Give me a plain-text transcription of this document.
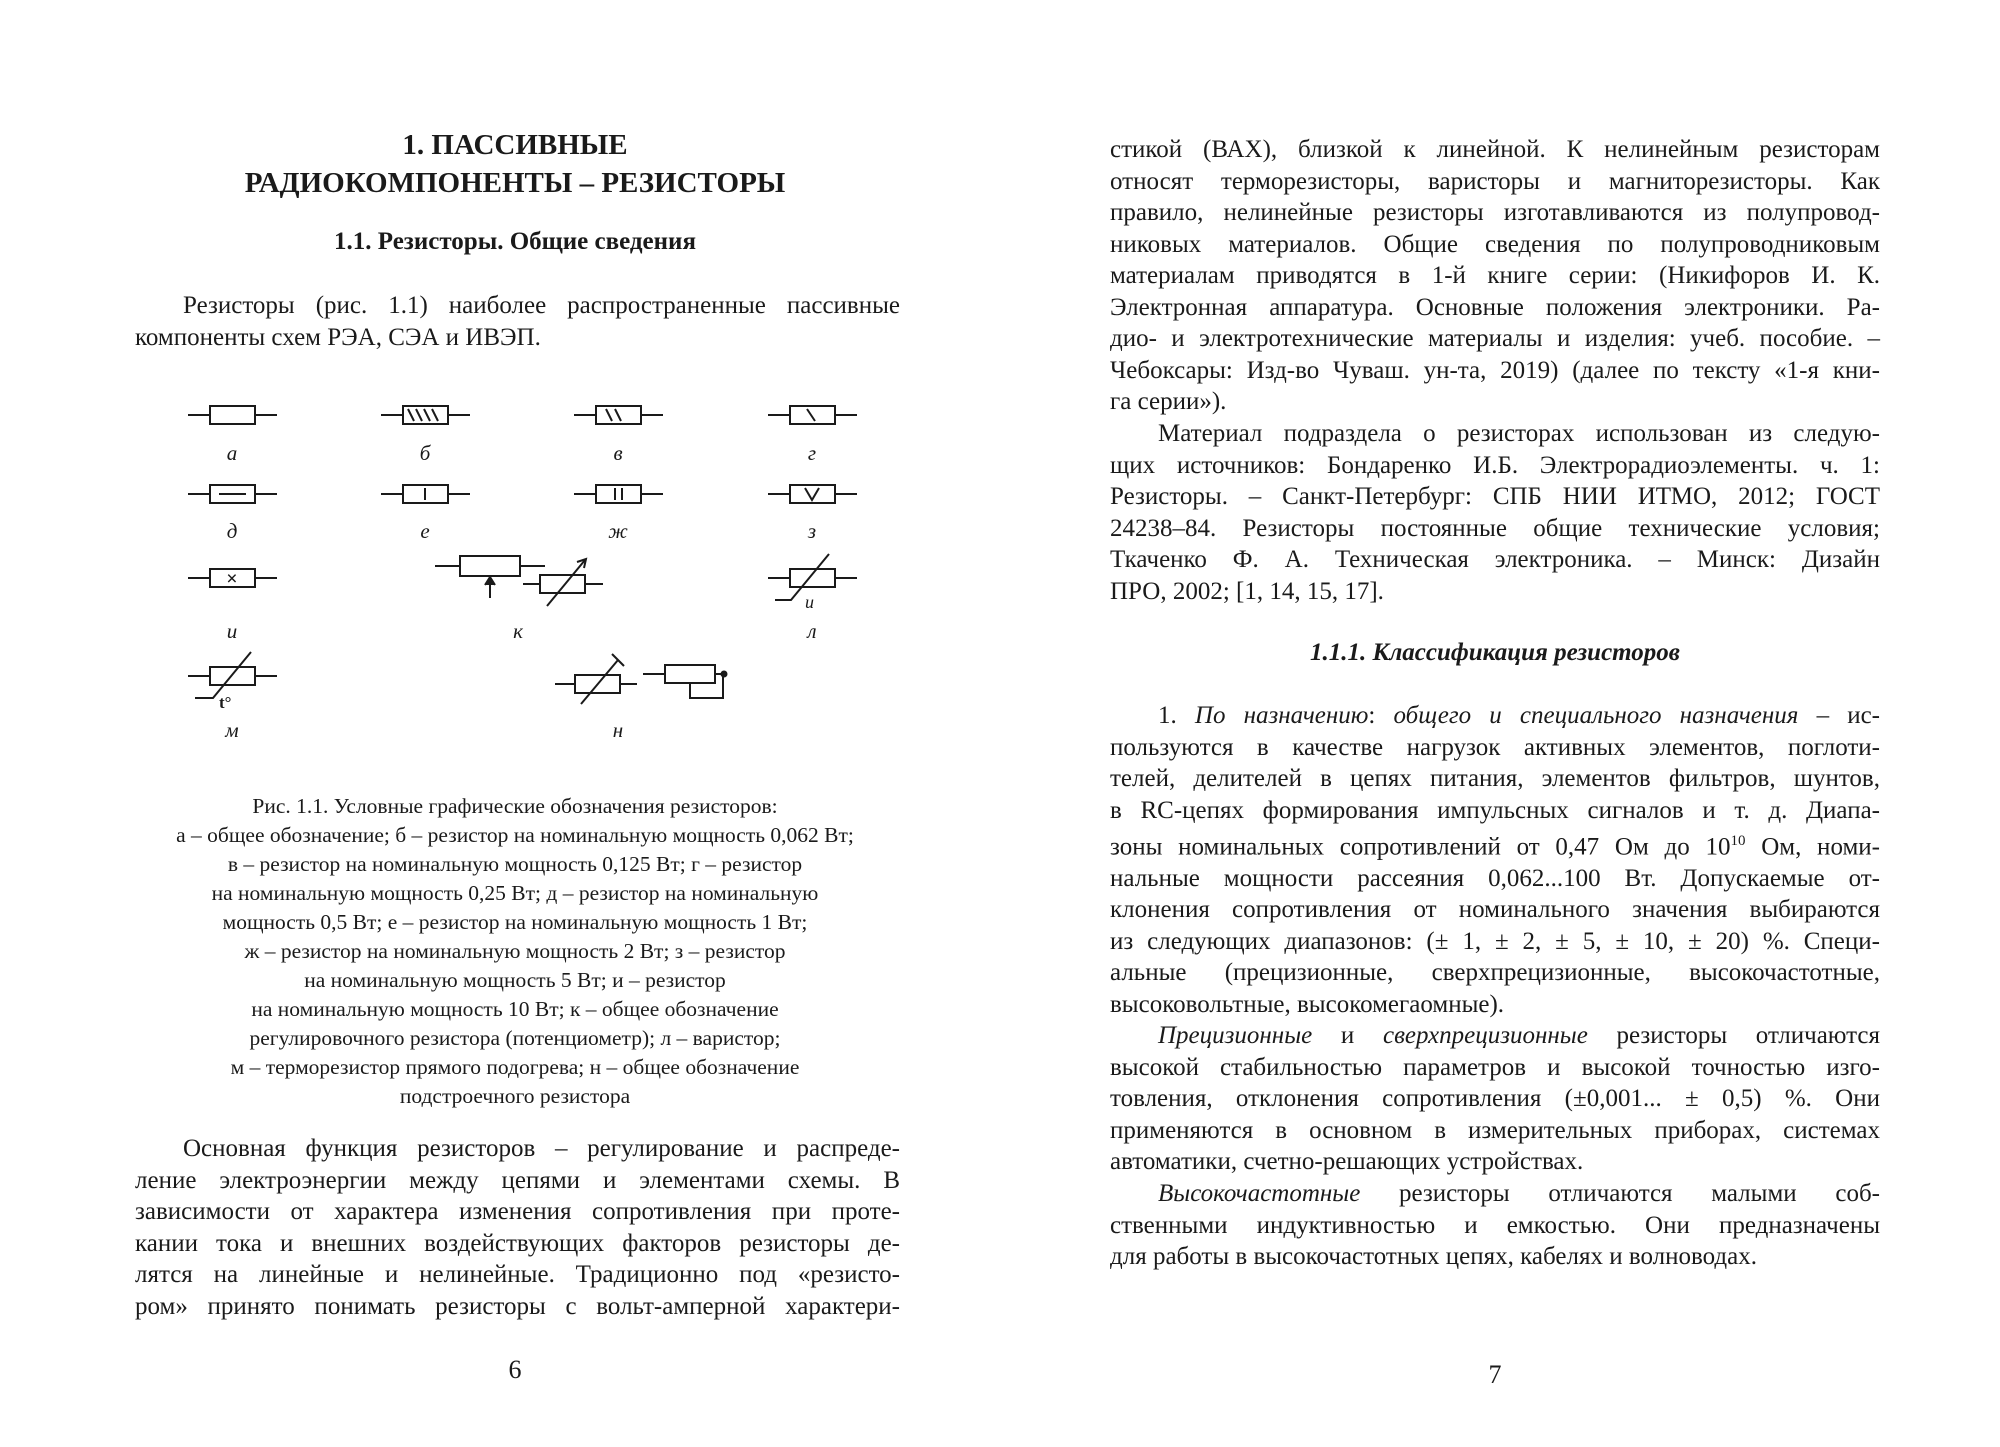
1. ПАССИВНЫЕ
РАДИОКОМПОНЕНТЫ – РЕЗИСТОРЫ
1.1. Резисторы. Общие сведения
Резисторы (рис. 1.1) наиболее распространенные пассивные
компоненты схем РЭА, СЭА и ИВЭП.
×
u
t°
а	б	в	г
д	е	ж	з
и	к	л
м	н
Рис. 1.1. Условные графические обозначения резисторов:
а – общее обозначение; б – резистор на номинальную мощность 0,062 Вт;
в – резистор на номинальную мощность 0,125 Вт; г – резистор
на номинальную мощность 0,25 Вт; д – резистор на номинальную
мощность 0,5 Вт; е – резистор на номинальную мощность 1 Вт;
ж – резистор на номинальную мощность 2 Вт; з – резистор
на номинальную мощность 5 Вт; и – резистор
на номинальную мощность 10 Вт; к – общее обозначение
регулировочного резистора (потенциометр); л – варистор;
м – терморезистор прямого подогрева; н – общее обозначение
подстроечного резистора
Основная функция резисторов – регулирование и распреде-
ление электроэнергии между цепями и элементами схемы. В
зависимости от характера изменения сопротивления при проте-
кании тока и внешних воздействующих факторов резисторы де-
лятся на линейные и нелинейные. Традиционно под «резисто-
ром» принято понимать резисторы с вольт-амперной характери-
6
стикой (ВАХ), близкой к линейной. К нелинейным резисторам
относят терморезисторы, варисторы и магниторезисторы. Как
правило, нелинейные резисторы изготавливаются из полупровод-
никовых материалов. Общие сведения по полупроводниковым
материалам приводятся в 1-й книге серии: (Никифоров И. К.
Электронная аппаратура. Основные положения электроники. Ра-
дио- и электротехнические материалы и изделия: учеб. пособие. –
Чебоксары: Изд-во Чуваш. ун-та, 2019) (далее по тексту «1-я кни-
га серии»).
Материал подраздела о резисторах использован из следую-
щих источников: Бондаренко И.Б. Электрорадиоэлементы. ч. 1:
Резисторы. – Санкт-Петербург: СПБ НИИ ИТМО, 2012; ГОСТ
24238–84. Резисторы постоянные общие технические условия;
Ткаченко Ф. А. Техническая электроника. – Минск: Дизайн
ПРО, 2002; [1, 14, 15, 17].
1.1.1. Классификация резисторов
1. По назначению: общего и специального назначения – ис-
пользуются в качестве нагрузок активных элементов, поглоти-
телей, делителей в цепях питания, элементов фильтров, шунтов,
в RC-цепях формирования импульсных сигналов и т. д. Диапа-
зоны номинальных сопротивлений от 0,47 Ом до $10^{10}$ Ом, номи-
нальные мощности рассеяния 0,062...100 Вт. Допускаемые от-
клонения сопротивления от номинального значения выбираются
из следующих диапазонов: (± 1, ± 2, ± 5, ± 10, ± 20) %. Специ-
альные (прецизионные, сверхпрецизионные, высокочастотные,
высоковольтные, высокомегаомные).
Прецизионные и сверхпрецизионные резисторы отличаются
высокой стабильностью параметров и высокой точностью изго-
товления, отклонения сопротивления (±0,001... ± 0,5) %. Они
применяются в основном в измерительных приборах, системах
автоматики, счетно-решающих устройствах.
Высокочастотные резисторы отличаются малыми соб-
ственными индуктивностью и емкостью. Они предназначены
для работы в высокочастотных цепях, кабелях и волноводах.
7
